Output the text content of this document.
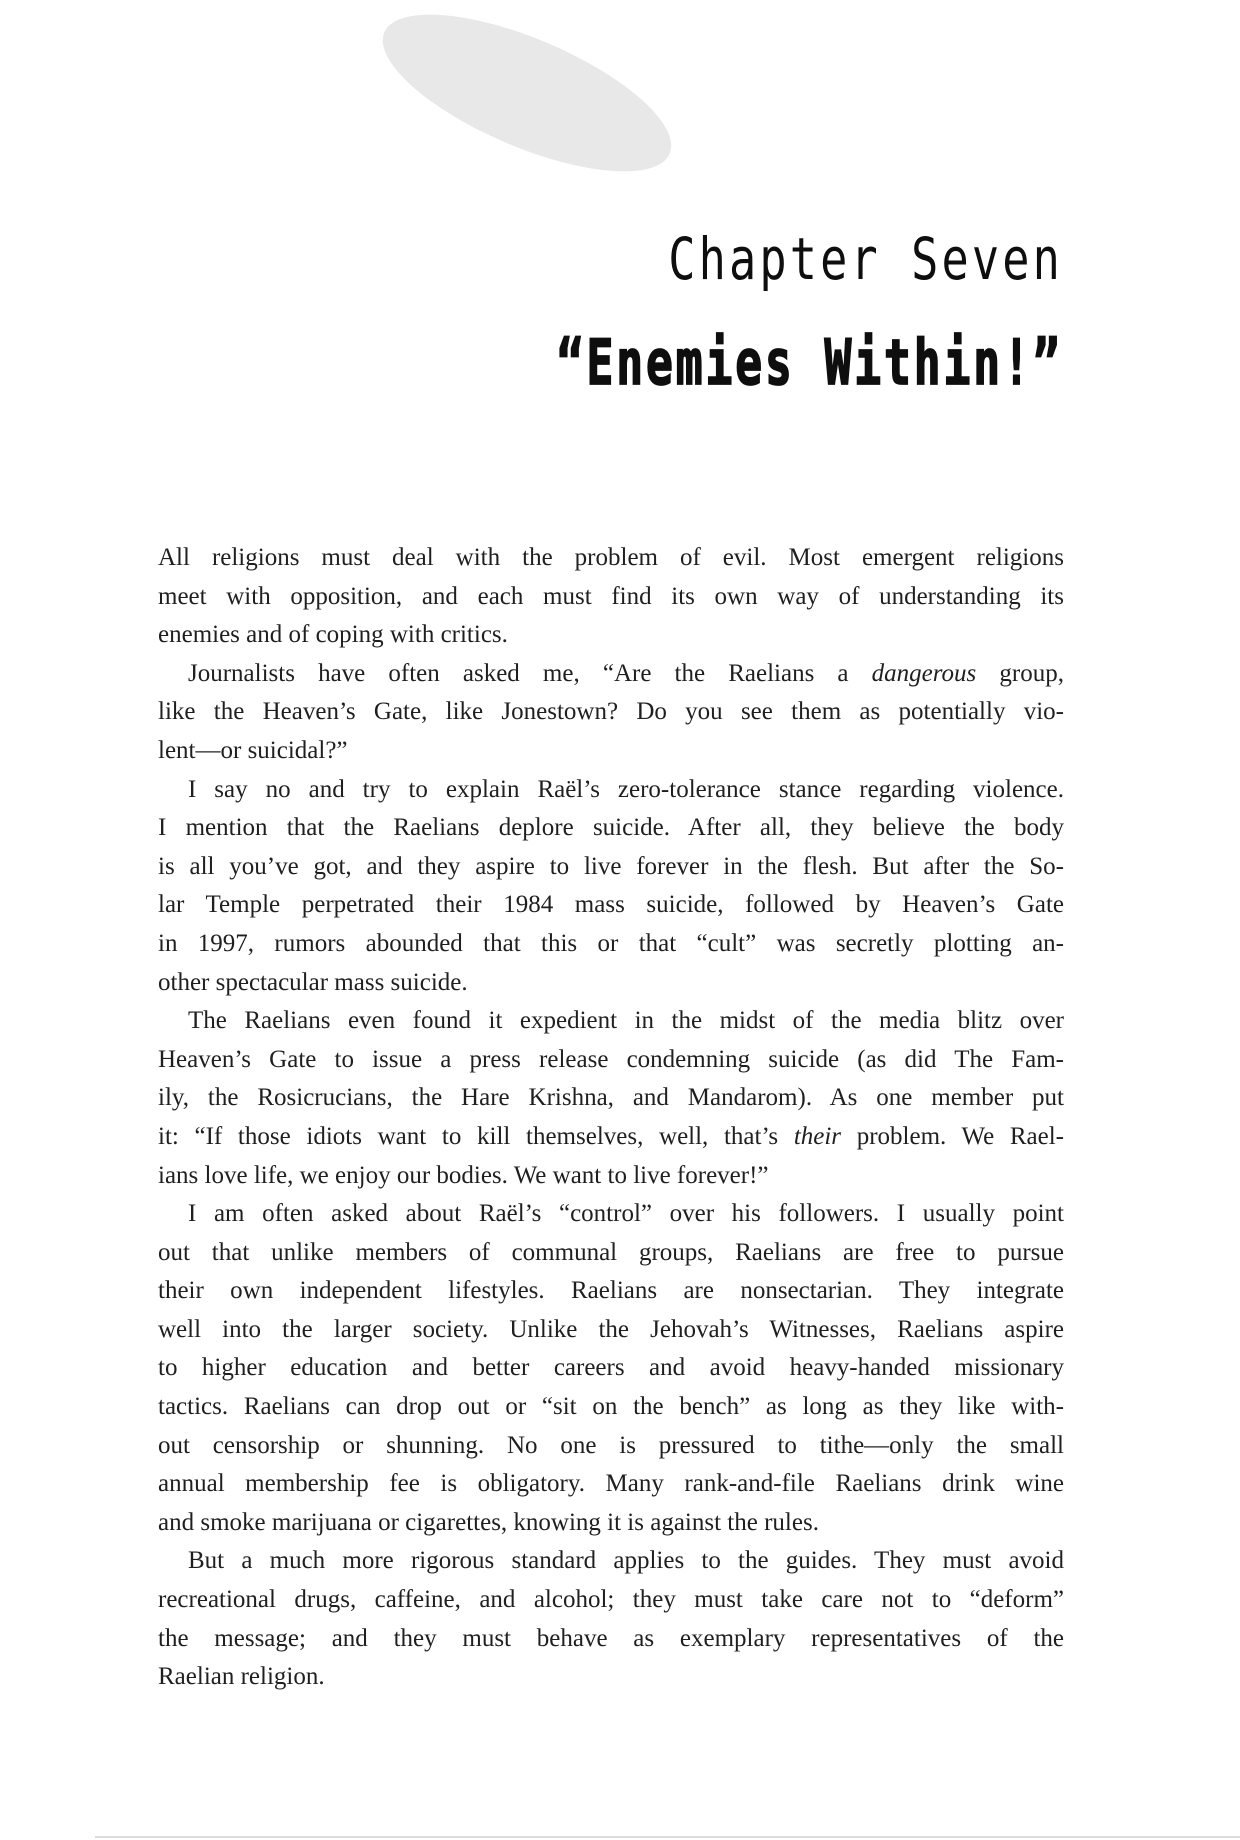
Chapter Seven
“Enemies Within!”
All religions must deal with the problem of evil. Most emergent religions
meet with opposition, and each must find its own way of understanding its
enemies and of coping with critics.
Journalists have often asked me, “Are the Raelians a dangerous group,
like the Heaven’s Gate, like Jonestown? Do you see them as potentially vio-
lent—or suicidal?”
I say no and try to explain Raël’s zero-tolerance stance regarding violence.
I mention that the Raelians deplore suicide. After all, they believe the body
is all you’ve got, and they aspire to live forever in the flesh. But after the So-
lar Temple perpetrated their 1984 mass suicide, followed by Heaven’s Gate
in 1997, rumors abounded that this or that “cult” was secretly plotting an-
other spectacular mass suicide.
The Raelians even found it expedient in the midst of the media blitz over
Heaven’s Gate to issue a press release condemning suicide (as did The Fam-
ily, the Rosicrucians, the Hare Krishna, and Mandarom). As one member put
it: “If those idiots want to kill themselves, well, that’s their problem. We Rael-
ians love life, we enjoy our bodies. We want to live forever!”
I am often asked about Raël’s “control” over his followers. I usually point
out that unlike members of communal groups, Raelians are free to pursue
their own independent lifestyles. Raelians are nonsectarian. They integrate
well into the larger society. Unlike the Jehovah’s Witnesses, Raelians aspire
to higher education and better careers and avoid heavy-handed missionary
tactics. Raelians can drop out or “sit on the bench” as long as they like with-
out censorship or shunning. No one is pressured to tithe—only the small
annual membership fee is obligatory. Many rank-and-file Raelians drink wine
and smoke marijuana or cigarettes, knowing it is against the rules.
But a much more rigorous standard applies to the guides. They must avoid
recreational drugs, caffeine, and alcohol; they must take care not to “deform”
the message; and they must behave as exemplary representatives of the
Raelian religion.
